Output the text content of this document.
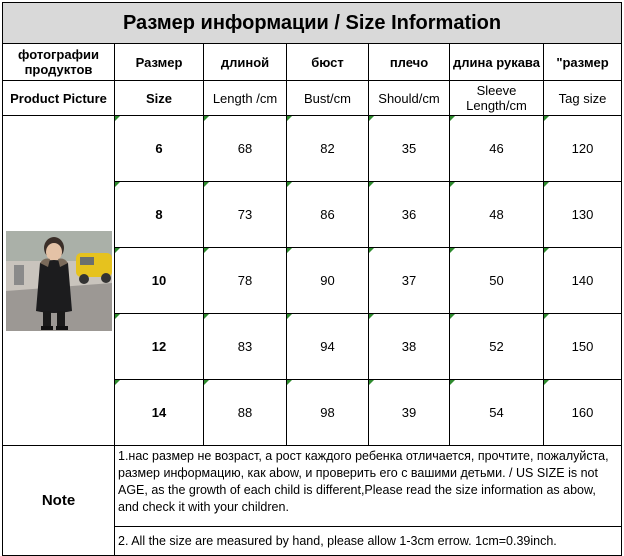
Размер информации / Size Information						
фотографии продуктов	Размер	длиной	бюст	плечо	длина рукава	"размер
Product Picture	Size	Length /cm	Bust/cm	Should/cm	Sleeve Length/cm	Tag size

	6	68	82	35	46	120
	8	73	86	36	48	130
	10	78	90	37	50	140
	12	83	94	38	52	150
	14	88	98	39	54	160
Note	1.нас размер не возраст, а рост каждого ребенка отличается, прочтите, пожалуйста, размер информацию, как abow, и проверить его с вашими детьми. / US SIZE is not AGE, as the growth of each child is different,Please read the size information as abow, and check it with your children.					
	2. All the size are measured by hand, please allow 1-3cm errow. 1cm=0.39inch.					
